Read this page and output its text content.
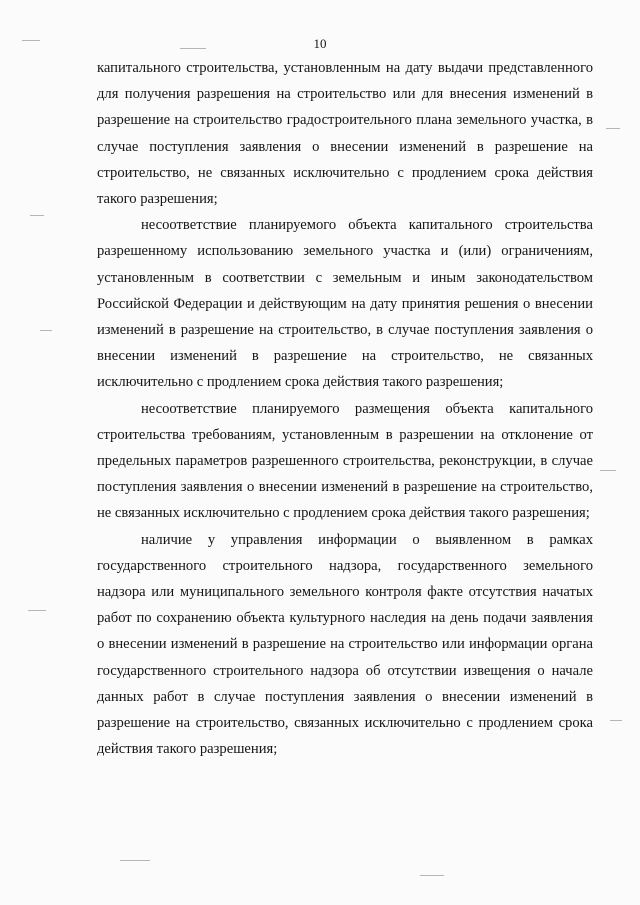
10

капитального строительства, установленным на дату выдачи представленного для получения разрешения на строительство или для внесения изменений в разрешение на строительство градостроительного плана земельного участка, в случае поступления заявления о внесении изменений в разрешение на строительство, не связанных исключительно с продлением срока действия такого разрешения;

несоответствие планируемого объекта капитального строительства разрешенному использованию земельного участка и (или) ограничениям, установленным в соответствии с земельным и иным законодательством Российской Федерации и действующим на дату принятия решения о внесении изменений в разрешение на строительство, в случае поступления заявления о внесении изменений в разрешение на строительство, не связанных исключительно с продлением срока действия такого разрешения;

несоответствие планируемого размещения объекта капитального строительства требованиям, установленным в разрешении на отклонение от предельных параметров разрешенного строительства, реконструкции, в случае поступления заявления о внесении изменений в разрешение на строительство, не связанных исключительно с продлением срока действия такого разрешения;

наличие у управления информации о выявленном в рамках государственного строительного надзора, государственного земельного надзора или муниципального земельного контроля факте отсутствия начатых работ по сохранению объекта культурного наследия на день подачи заявления о внесении изменений в разрешение на строительство или информации органа государственного строительного надзора об отсутствии извещения о начале данных работ в случае поступления заявления о внесении изменений в разрешение на строительство, связанных исключительно с продлением срока действия такого разрешения;
